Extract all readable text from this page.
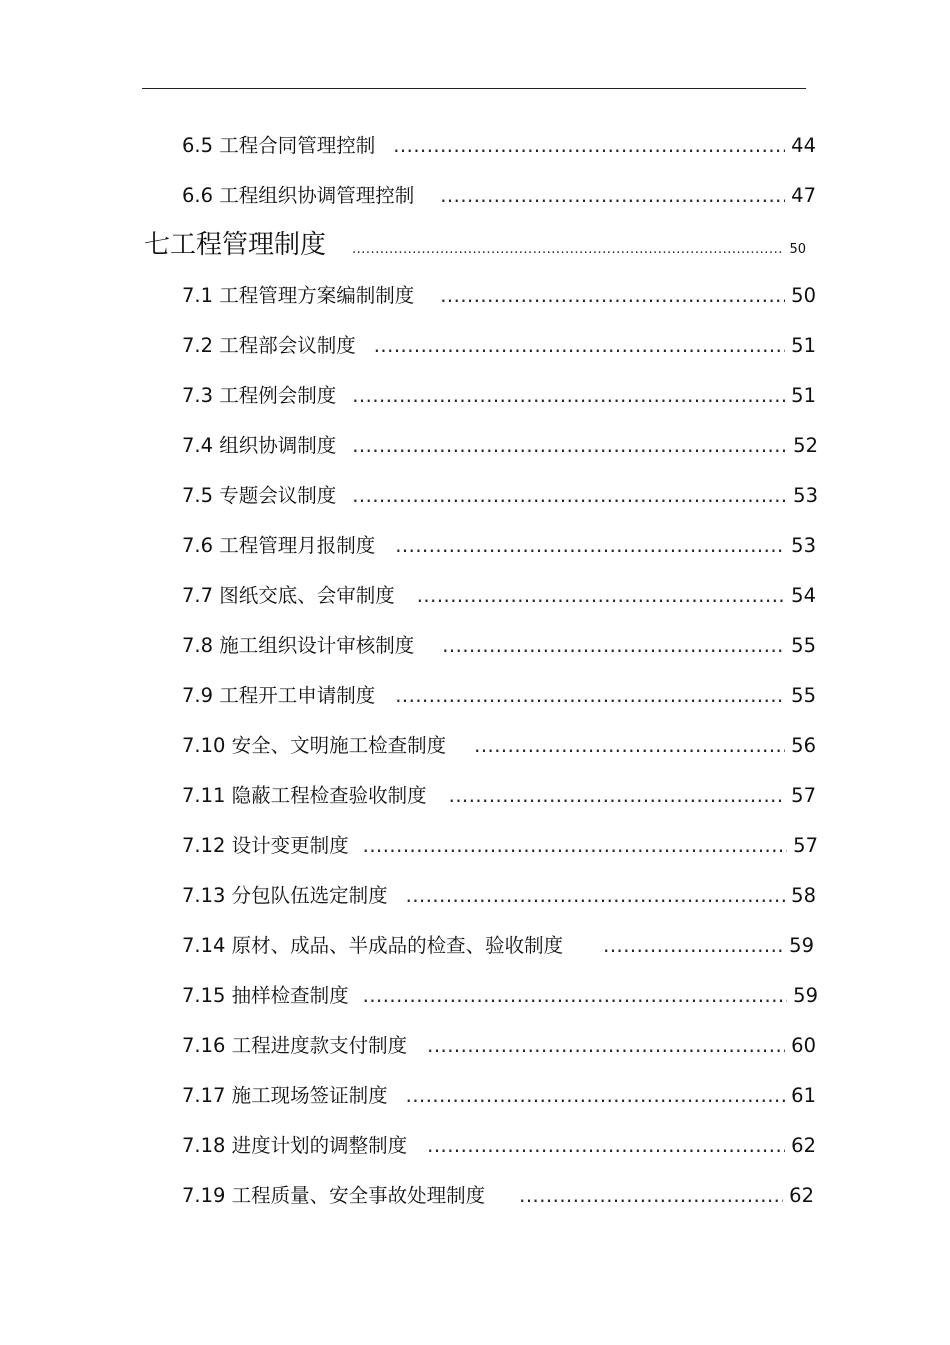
6.5 工程合同管理控制 .....	44
6.6 工程组织协调管理控制 .....	47
七 工程管理制度 .....	50
7.1 工程管理方案编制制度 .....	50
7.2 工程部会议制度 .....	51
7.3 工程例会制度 .....	51
7.4 组织协调制度 .....	52
7.5 专题会议制度 .....	53
7.6 工程管理月报制度 .....	53
7.7 图纸交底、会审制度 .....	54
7.8 施工组织设计审核制度 .....	55
7.9 工程开工申请制度 .....	55
7.10 安全、文明施工检查制度 .....	56
7.11 隐蔽工程检查验收制度 .....	57
7.12 设计变更制度 .....	57
7.13 分包队伍选定制度 .....	58
7.14 原材、成品、半成品的检查、验收制度 .....	59
7.15 抽样检查制度 .....	59
7.16 工程进度款支付制度 .....	60
7.17 施工现场签证制度 .....	61
7.18 进度计划的调整制度 .....	62
7.19 工程质量、安全事故处理制度 .....	62
